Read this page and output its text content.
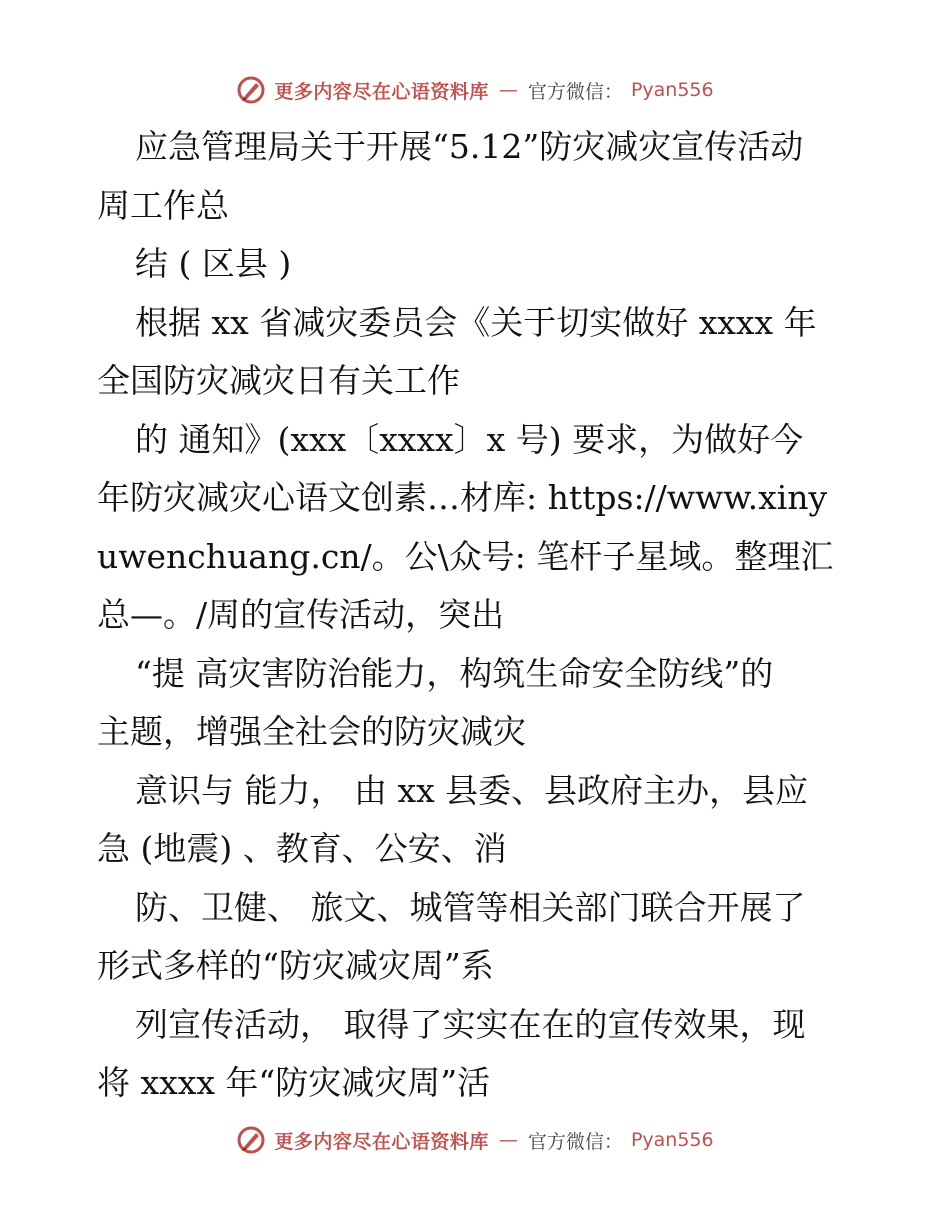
更多内容尽在心语资料库 — 官方微信： Pyan556
应急管理局关于开展“5.12”防灾减灾宣传活动
周工作总
结 ( 区县 )
根据 xx 省减灾委员会《关于切实做好 xxxx 年
全国防灾减灾日有关工作
的 通知》(xxx〔xxxx〕x 号) 要求，为做好今
年防灾减灾心语文创素…材库: https://www.xiny
uwenchuang.cn/。公\众号: 笔杆子星域。整理汇
总—。/周的宣传活动，突出
“提 高灾害防治能力，构筑生命安全防线”的
主题，增强全社会的防灾减灾
意识与 能力， 由 xx 县委、县政府主办，县应
急 (地震) 、教育、公安、消
防、卫健、 旅文、城管等相关部门联合开展了
形式多样的“防灾减灾周”系
列宣传活动， 取得了实实在在的宣传效果，现
将 xxxx 年“防灾减灾周”活
更多内容尽在心语资料库 — 官方微信： Pyan556
